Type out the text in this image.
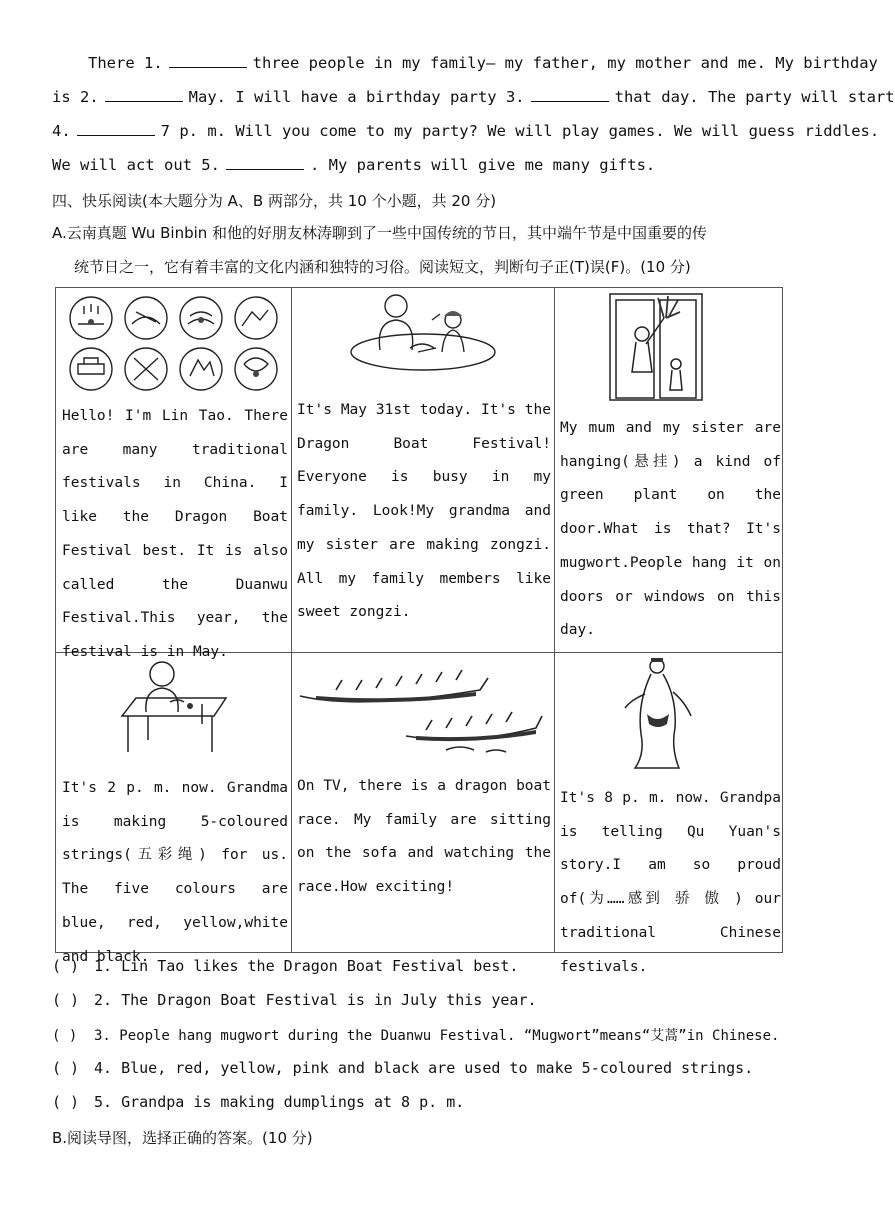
There 1.	three people in my family— my father, my mother and me. My birthday
is 2.	May. I will have a birthday party 3.	that day. The party will start
4.	7 p. m. Will you come to my party? We will play games. We will guess riddles.
We will act out 5.	. My parents will give me many gifts.
四、快乐阅读(本大题分为 A、B 两部分，共 10 个小题，共 20 分)
A.云南真题 Wu Binbin 和他的好朋友林涛聊到了一些中国传统的节日，其中端午节是中国重要的传
统节日之一，它有着丰富的文化内涵和独特的习俗。阅读短文，判断句子正(T)误(F)。(10 分)
Hello! I'm Lin Tao. There are many traditional festivals in China. I like the Dragon Boat Festival best. It is also called the Duanwu Festival.This year, the festival is in May.
It's May 31st today. It's the Dragon Boat Festival! Everyone is busy in my family. Look!My grandma and my sister are making zongzi. All my family members like sweet zongzi.
My mum and my sister are hanging(悬挂) a kind of green plant on the door.What is that? It's mugwort.People hang it on doors or windows on this day.
It's 2 p. m. now. Grandma is making 5-coloured strings(五彩绳) for us. The five colours are blue, red, yellow,white and black.
On TV, there is a dragon boat race. My family are sitting on the sofa and watching the race.How exciting!
It's 8 p. m. now. Grandpa is telling Qu Yuan's story.I am so proud of(为……感到 骄 傲 ) our traditional Chinese festivals.
( ) 1. Lin Tao likes the Dragon Boat Festival best.
( ) 2. The Dragon Boat Festival is in July this year.
( ) 3. People hang mugwort during the Duanwu Festival. “Mugwort”means“艾蒿”in Chinese.
( ) 4. Blue, red, yellow, pink and black are used to make 5-coloured strings.
( ) 5. Grandpa is making dumplings at 8 p. m.
B.阅读导图，选择正确的答案。(10 分)
